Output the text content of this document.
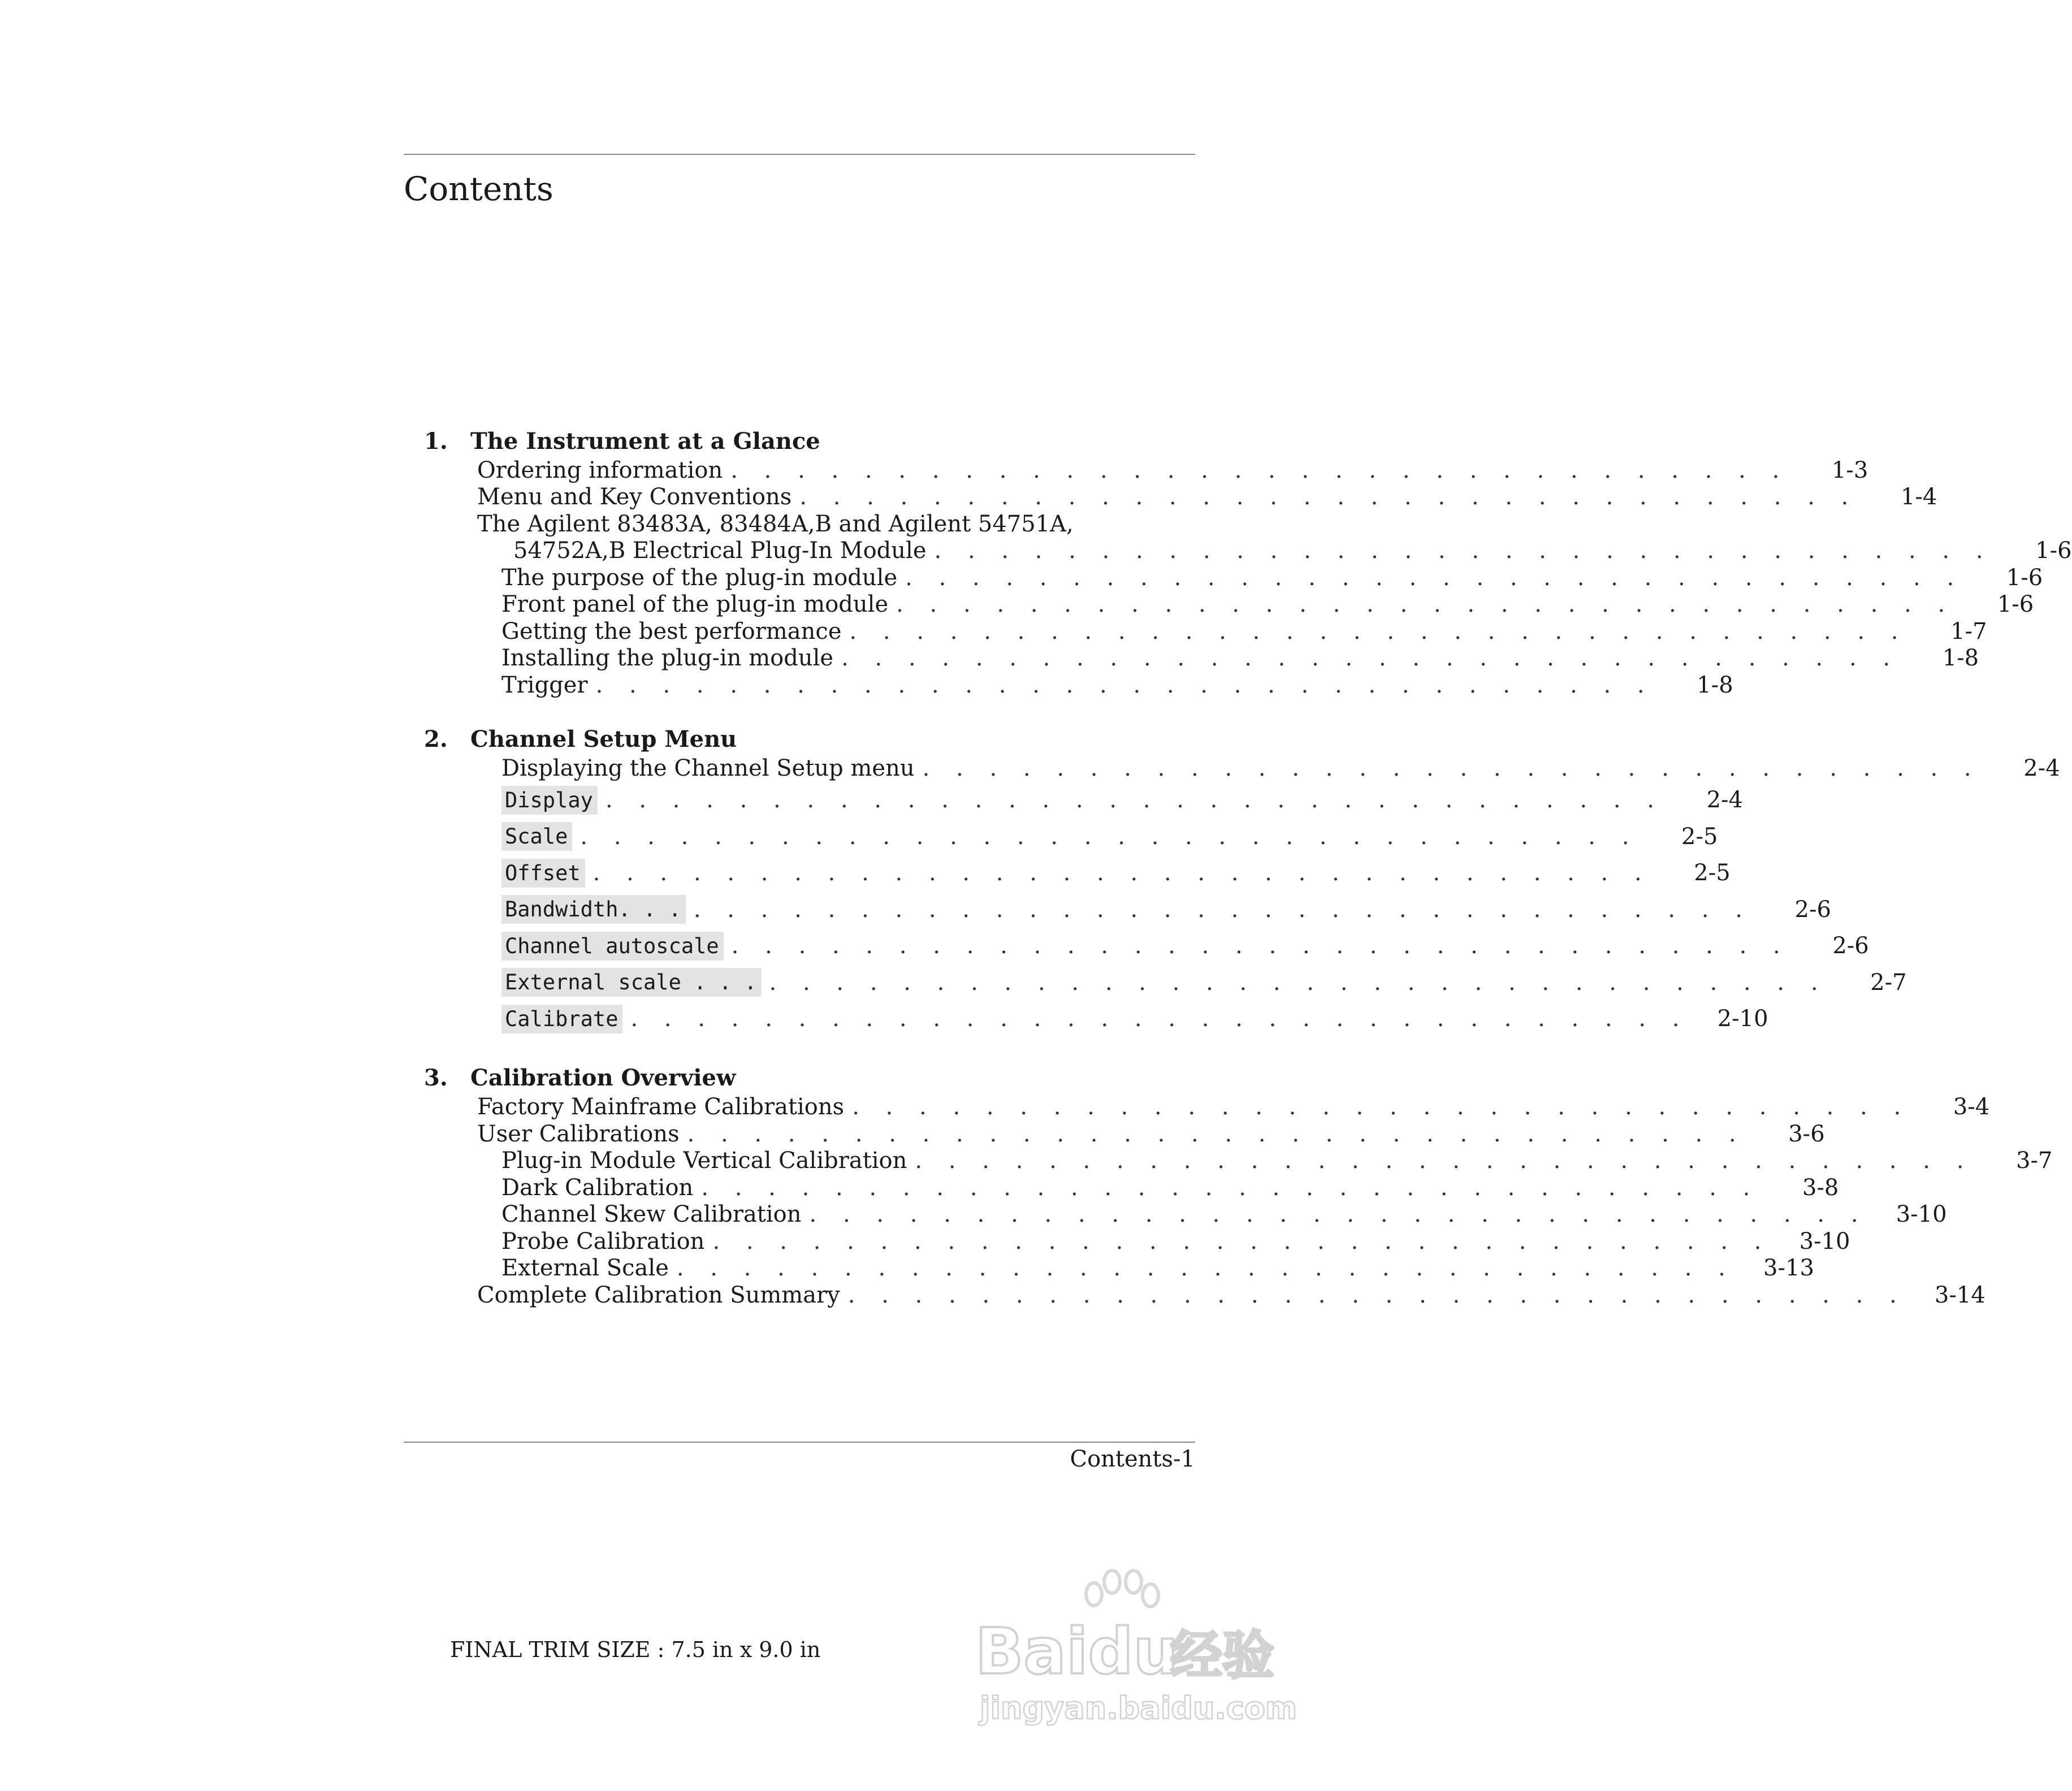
Contents
1.	The Instrument at a Glance
Ordering information . . . . . . . . . . . . . . . . . . . . . . . . . . . . . . . .	1-3
Menu and Key Conventions . . . . . . . . . . . . . . . . . . . . . . . . . . . . . . . .	1-4
The Agilent 83483A, 83484A,B and Agilent 54751A,
54752A,B Electrical Plug-In Module . . . . . . . . . . . . . . . . . . . . . . . . . . . . . . . .	1-6
The purpose of the plug-in module . . . . . . . . . . . . . . . . . . . . . . . . . . . . . . . .	1-6
Front panel of the plug-in module . . . . . . . . . . . . . . . . . . . . . . . . . . . . . . . .	1-6
Getting the best performance . . . . . . . . . . . . . . . . . . . . . . . . . . . . . . . .	1-7
Installing the plug-in module . . . . . . . . . . . . . . . . . . . . . . . . . . . . . . . .	1-8
Trigger . . . . . . . . . . . . . . . . . . . . . . . . . . . . . . . .	1-8
2.	Channel Setup Menu
Displaying the Channel Setup menu . . . . . . . . . . . . . . . . . . . . . . . . . . . . . . . .	2-4
Display . . . . . . . . . . . . . . . . . . . . . . . . . . . . . . . .	2-4
Scale . . . . . . . . . . . . . . . . . . . . . . . . . . . . . . . .	2-5
Offset . . . . . . . . . . . . . . . . . . . . . . . . . . . . . . . .	2-5
Bandwidth. . . . . . . . . . . . . . . . . . . . . . . . . . . . . . . . . . .	2-6
Channel autoscale . . . . . . . . . . . . . . . . . . . . . . . . . . . . . . . .	2-6
External scale . . . . . . . . . . . . . . . . . . . . . . . . . . . . . . . . . . .	2-7
Calibrate . . . . . . . . . . . . . . . . . . . . . . . . . . . . . . . .	2-10
3.	Calibration Overview
Factory Mainframe Calibrations . . . . . . . . . . . . . . . . . . . . . . . . . . . . . . . .	3-4
User Calibrations . . . . . . . . . . . . . . . . . . . . . . . . . . . . . . . .	3-6
Plug-in Module Vertical Calibration . . . . . . . . . . . . . . . . . . . . . . . . . . . . . . . .	3-7
Dark Calibration . . . . . . . . . . . . . . . . . . . . . . . . . . . . . . . .	3-8
Channel Skew Calibration . . . . . . . . . . . . . . . . . . . . . . . . . . . . . . . .	3-10
Probe Calibration . . . . . . . . . . . . . . . . . . . . . . . . . . . . . . . .	3-10
External Scale . . . . . . . . . . . . . . . . . . . . . . . . . . . . . . . .	3-13
Complete Calibration Summary . . . . . . . . . . . . . . . . . . . . . . . . . . . . . . . .	3-14
Contents-1
FINAL TRIM SIZE : 7.5 in x 9.0 in Baidu
经验
jingyan.baidu.com
